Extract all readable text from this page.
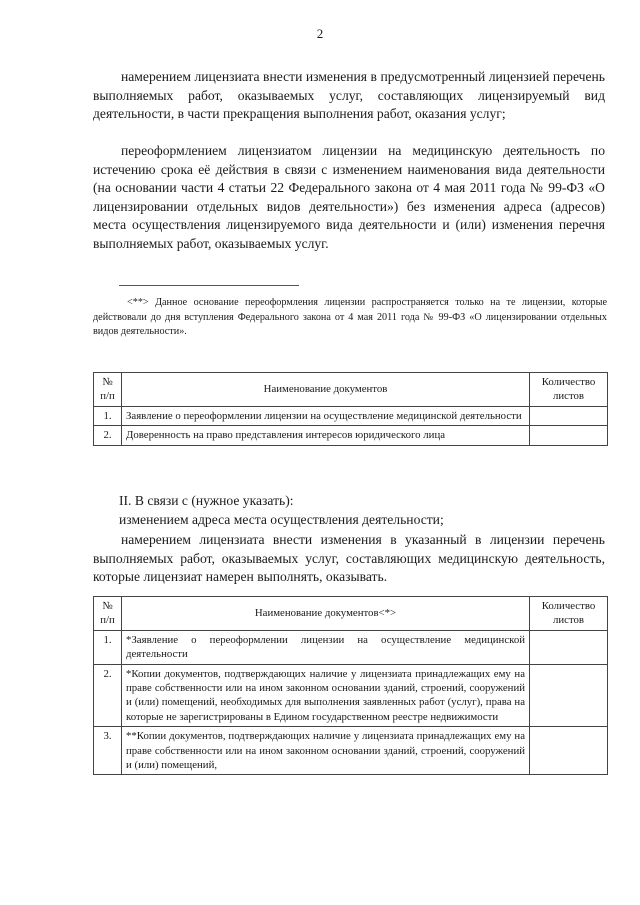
2

намерением лицензиата внести изменения в предусмотренный лицензией перечень выполняемых работ, оказываемых услуг, составляющих лицензируемый вид деятельности, в части прекращения выполнения работ, оказания услуг;

переоформлением лицензиатом лицензии на медицинскую деятельность по истечению срока её действия в связи с изменением наименования вида деятельности (на основании части 4 статьи 22 Федерального закона от 4 мая 2011 года № 99-ФЗ «О лицензировании отдельных видов деятельности») без изменения адреса (адресов) места осуществления лицензируемого вида деятельности и (или) изменения перечня выполняемых работ, оказываемых услуг.

<**> Данное основание переоформления лицензии распространяется только на те лицензии, которые действовали до дня вступления Федерального закона от 4 мая 2011 года № 99-ФЗ «О лицензировании отдельных видов деятельности».

№ п/п	Наименование документов	Количество листов
1.	Заявление о переоформлении лицензии на осуществление медицинской деятельности	
2.	Доверенность на право представления интересов юридического лица	

II. В связи с (нужное указать):

изменением адреса места осуществления деятельности;

намерением лицензиата внести изменения в указанный в лицензии перечень выполняемых работ, оказываемых услуг, составляющих медицинскую деятельность, которые лицензиат намерен выполнять, оказывать.

№ п/п	Наименование документов<*>	Количество листов
1.	*Заявление о переоформлении лицензии на осуществление медицинской деятельности	
2.	*Копии документов, подтверждающих наличие у лицензиата принадлежащих ему на праве собственности или на ином законном основании зданий, строений, сооружений и (или) помещений, необходимых для выполнения заявленных работ (услуг), права на которые не зарегистрированы в Едином государственном реестре недвижимости	
3.	**Копии документов, подтверждающих наличие у лицензиата принадлежащих ему на праве собственности или на ином законном основании зданий, строений, сооружений и (или) помещений,	
